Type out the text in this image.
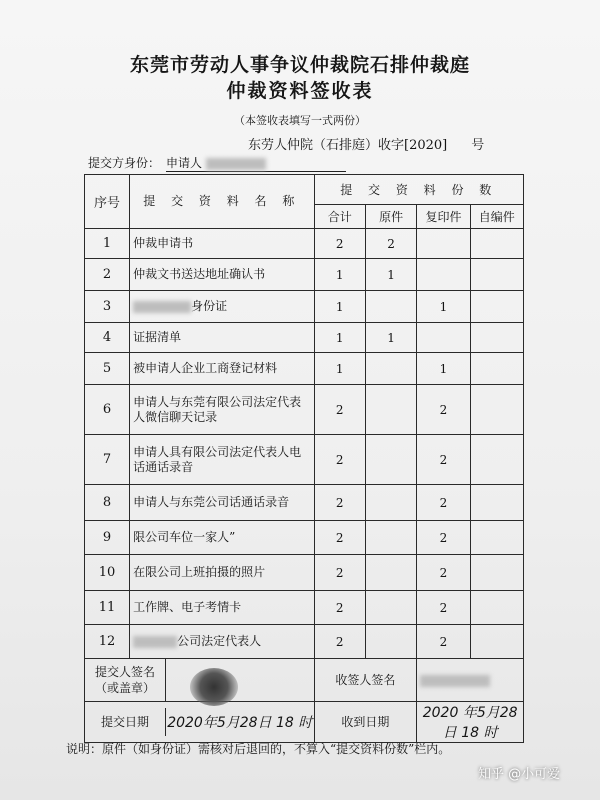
东莞市劳动人事争议仲裁院石排仲裁庭
仲裁资料签收表
（本签收表填写一式两份）
东劳人仲院（石排庭）收字[2020] 号
提交方身份： 申请人
序号	提 交 资 料 名 称	提 交 资 料 份 数			
		合计	原件	复印件	自编件
1	仲裁申请书	2	2		
2	仲裁文书送达地址确认书	1	1		
3	身份证	1		1	
4	证据清单	1	1		
5	被申请人企业工商登记材料	1		1	
6	申请人与东莞有限公司法定代表人微信聊天记录	2		2	
7	申请人具有限公司法定代表人电话通话录音	2		2	
8	申请人与东莞公司话通话录音	2		2	
9	限公司车位一家人”	2		2	
10	在限公司上班拍摄的照片	2		2	
11	工作牌、电子考情卡	2		2	
12	公司法定代表人	2		2	

提交人签名（或盖章）		收签人签名			

提交日期 2020年5月28日 18 时		收到日期		2020 年5月28日 18 时	
说明：原件（如身份证）需核对后退回的，不算入“提交资料份数”栏内。
知乎 @小可爱
